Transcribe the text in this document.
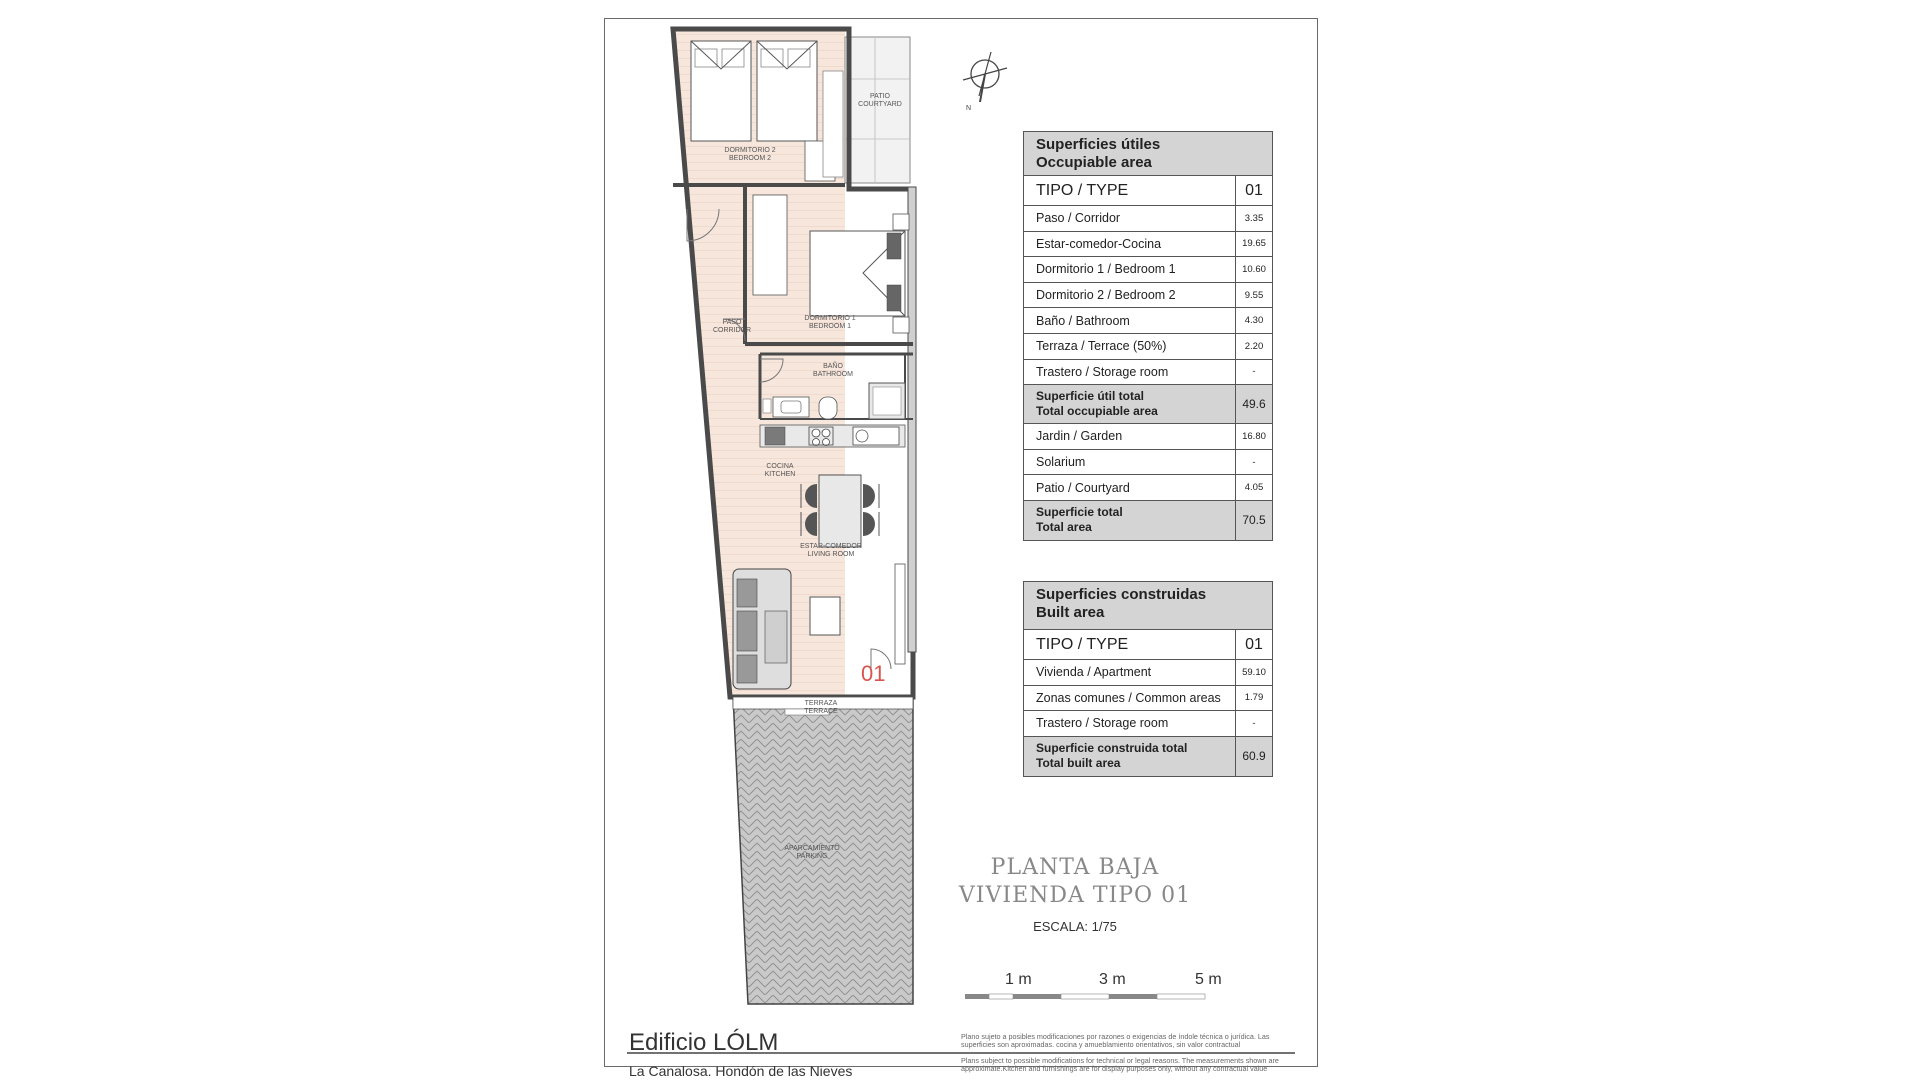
PATIO
COURTYARD
DORMITORIO 2
BEDROOM 2
DORMITORIO 1
BEDROOM 1
PASO
CORRIDOR
BAÑO
BATHROOM
COCINA
KITCHEN
ESTAR-COMEDOR
LIVING ROOM
TERRAZA
TERRACE
APARCAMIENTO
PARKING
01
N
Superficies útiles
Occupiable area
TIPO / TYPE	01
Paso / Corridor	3.35
Estar-comedor-Cocina	19.65
Dormitorio 1 / Bedroom 1	10.60
Dormitorio 2 / Bedroom 2	9.55
Baño / Bathroom	4.30
Terraza / Terrace (50%)	2.20
Trastero / Storage room	-
Superficie útil total
Total occupiable area	49.6
Jardin / Garden	16.80
Solarium	-
Patio / Courtyard	4.05
Superficie total
Total area	70.5
Superficies construidas
Built area
TIPO / TYPE	01
Vivienda / Apartment	59.10
Zonas comunes / Common areas	1.79
Trastero / Storage room	-
Superficie construida total
Total built area	60.9
PLANTA BAJA
VIVIENDA TIPO 01
ESCALA: 1/75
1 m	3 m	5 m
Edificio LÓLM
La Canalosa. Hondón de las Nieves
Plano sujeto a posibles modificaciones por razones o exigencias de índole técnica o jurídica. Las superficies son aproximadas. cocina y amueblamiento orientativos, sin valor contractual
Plans subject to possible modifications for technical or legal reasons. The measurements shown are approximate.Kitchen and furnishings are for display purposes only, without any contractual value
